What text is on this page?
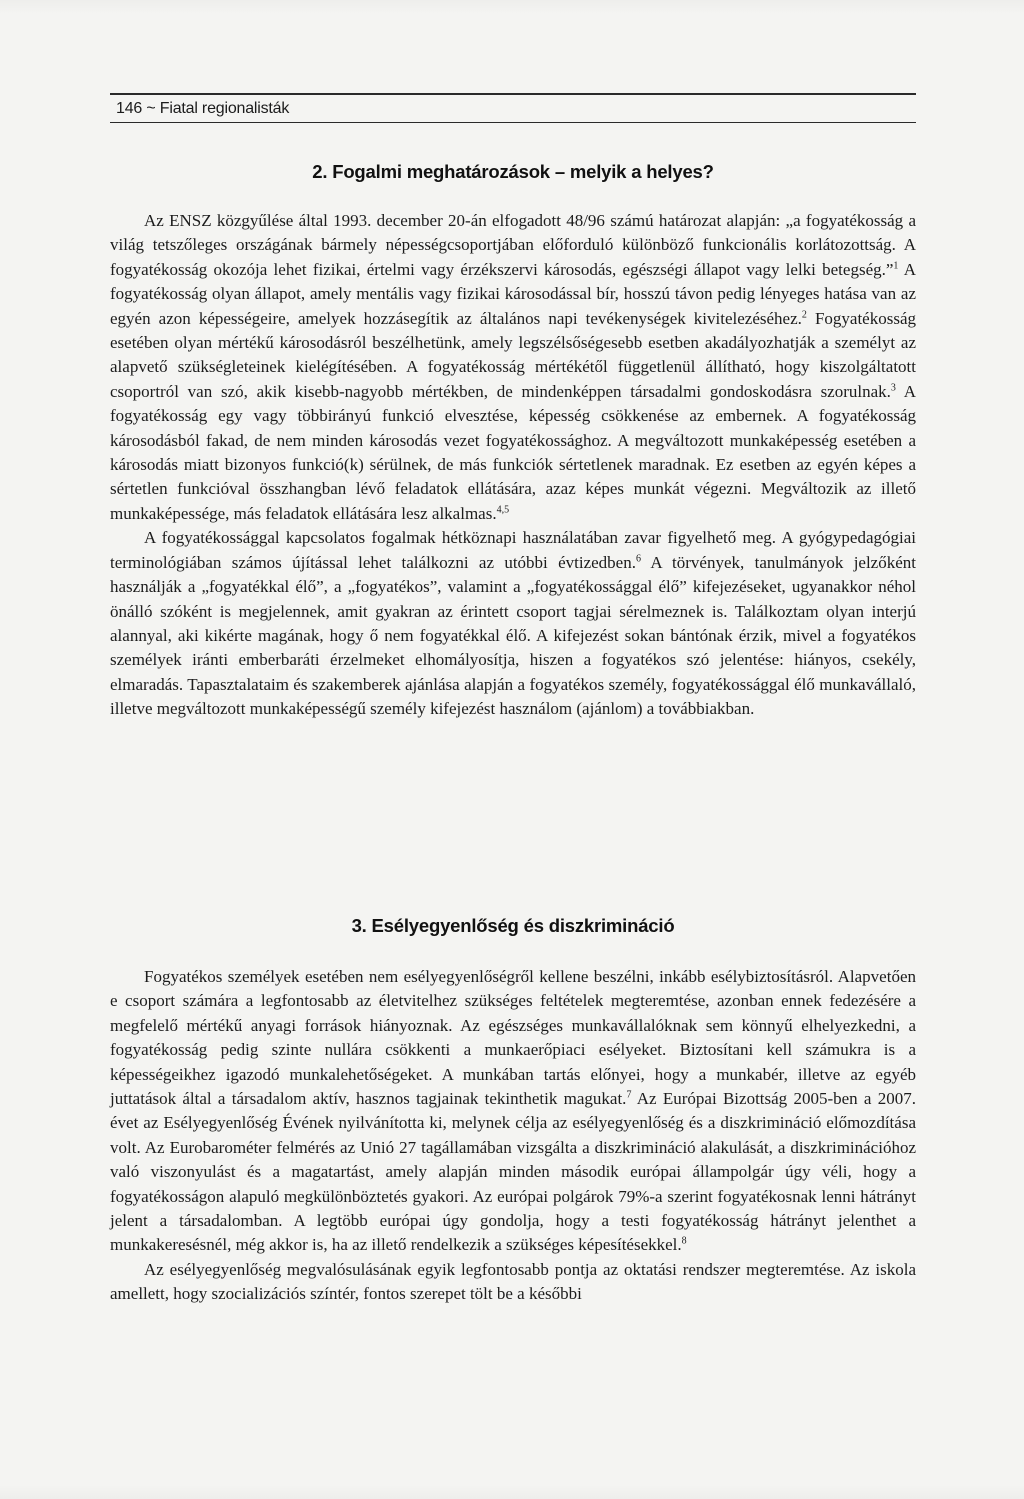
146 ~ Fiatal regionalisták
2. Fogalmi meghatározások – melyik a helyes?

Az ENSZ közgyűlése által 1993. december 20-án elfogadott 48/96 számú határozat alapján: „a fogyatékosság a világ tetszőleges országának bármely népességcsoportjában előforduló különböző funkcionális korlátozottság. A fogyatékosság okozója lehet fizikai, értelmi vagy érzékszervi károsodás, egészségi állapot vagy lelki betegség.”$^1$ A fogyatékosság olyan állapot, amely mentális vagy fizikai károsodással bír, hosszú távon pedig lényeges hatása van az egyén azon képességeire, amelyek hozzásegítik az általános napi tevékenységek kivitelezéséhez.$^2$ Fogyatékosság esetében olyan mértékű károsodásról beszélhetünk, amely legszélsőségesebb esetben akadályozhatják a személyt az alapvető szükségleteinek kielégítésében. A fogyatékosság mértékétől függetlenül állítható, hogy kiszolgáltatott csoportról van szó, akik kisebb-nagyobb mértékben, de mindenképpen társadalmi gondoskodásra szorulnak.$^3$ A fogyatékosság egy vagy többirányú funkció elvesztése, képesség csökkenése az embernek. A fogyatékosság károsodásból fakad, de nem minden károsodás vezet fogyatékossághoz. A megváltozott munkaképesség esetében a károsodás miatt bizonyos funkció(k) sérülnek, de más funkciók sértetlenek maradnak. Ez esetben az egyén képes a sértetlen funkcióval összhangban lévő feladatok ellátására, azaz képes munkát végezni. Megváltozik az illető munkaképessége, más feladatok ellátására lesz alkalmas.$^{4,5}$

A fogyatékossággal kapcsolatos fogalmak hétköznapi használatában zavar figyelhető meg. A gyógypedagógiai terminológiában számos újítással lehet találkozni az utóbbi évtizedben.$^6$ A törvények, tanulmányok jelzőként használják a „fogyatékkal élő”, a „fogyatékos”, valamint a „fogyatékossággal élő” kifejezéseket, ugyanakkor néhol önálló szóként is megjelennek, amit gyakran az érintett csoport tagjai sérelmeznek is. Találkoztam olyan interjú alannyal, aki kikérte magának, hogy ő nem fogyatékkal élő. A kifejezést sokan bántónak érzik, mivel a fogyatékos személyek iránti emberbaráti érzelmeket elhomályosítja, hiszen a fogyatékos szó jelentése: hiányos, csekély, elmaradás. Tapasztalataim és szakemberek ajánlása alapján a fogyatékos személy, fogyatékossággal élő munkavállaló, illetve megváltozott munkaképességű személy kifejezést használom (ajánlom) a továbbiakban.

3. Esélyegyenlőség és diszkrimináció

Fogyatékos személyek esetében nem esélyegyenlőségről kellene beszélni, inkább esélybiztosításról. Alapvetően e csoport számára a legfontosabb az életvitelhez szükséges feltételek megteremtése, azonban ennek fedezésére a megfelelő mértékű anyagi források hiányoznak. Az egészséges munkavállalóknak sem könnyű elhelyezkedni, a fogyatékosság pedig szinte nullára csökkenti a munkaerőpiaci esélyeket. Biztosítani kell számukra is a képességeikhez igazodó munkalehetőségeket. A munkában tartás előnyei, hogy a munkabér, illetve az egyéb juttatások által a társadalom aktív, hasznos tagjainak tekinthetik magukat.$^7$ Az Európai Bizottság 2005-ben a 2007. évet az Esélyegyenlőség Évének nyilvánította ki, melynek célja az esélyegyenlőség és a diszkrimináció előmozdítása volt. Az Eurobarométer felmérés az Unió 27 tagállamában vizsgálta a diszkrimináció alakulását, a diszkriminációhoz való viszonyulást és a magatartást, amely alapján minden második európai állampolgár úgy véli, hogy a fogyatékosságon alapuló megkülönböztetés gyakori. Az európai polgárok 79%-a szerint fogyatékosnak lenni hátrányt jelent a társadalomban. A legtöbb európai úgy gondolja, hogy a testi fogyatékosság hátrányt jelenthet a munkakeresésnél, még akkor is, ha az illető rendelkezik a szükséges képesítésekkel.$^8$

Az esélyegyenlőség megvalósulásának egyik legfontosabb pontja az oktatási rendszer megteremtése. Az iskola amellett, hogy szocializációs színtér, fontos szerepet tölt be a későbbi
